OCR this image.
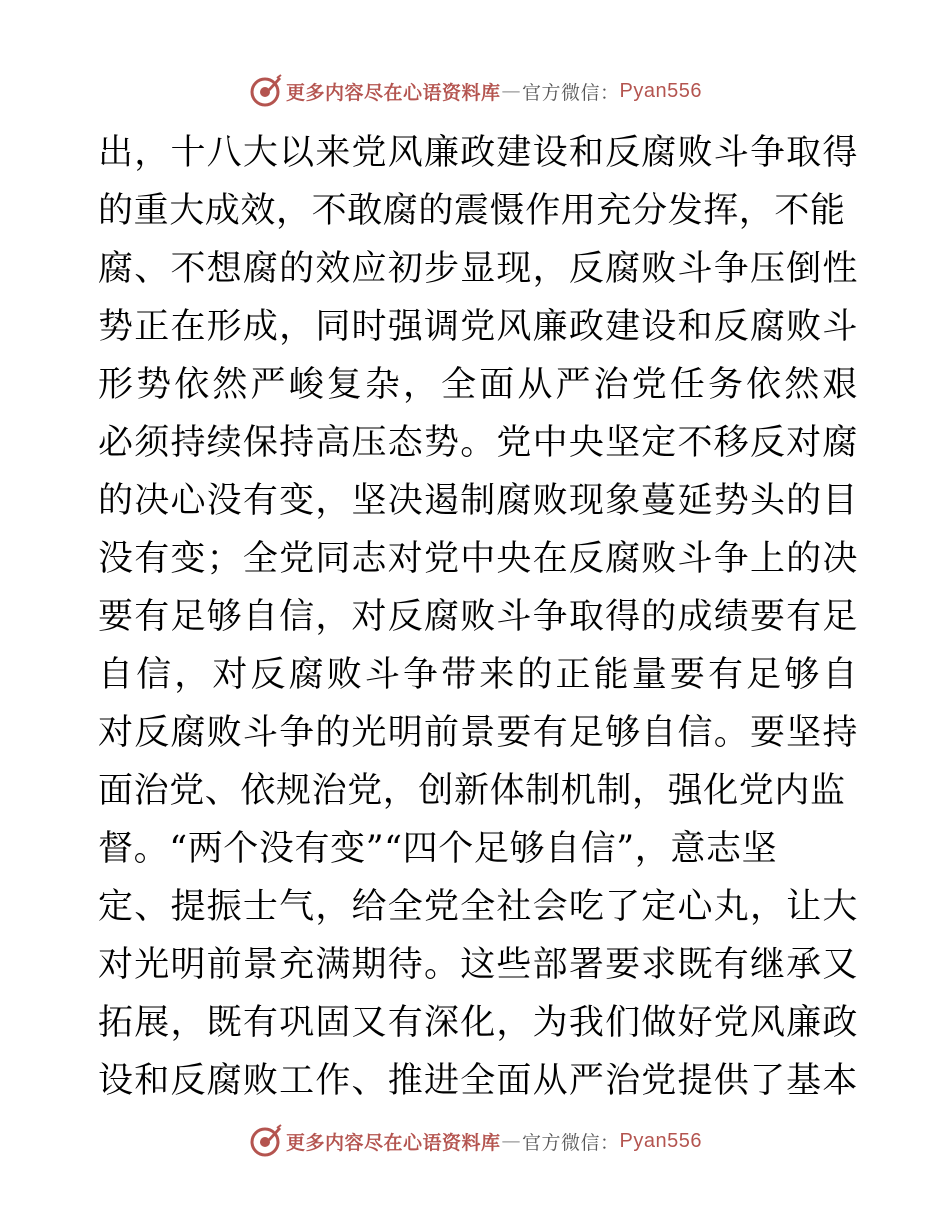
更多内容尽在心语资料库 — 官方微信： Pyan556
出，十八大以来党风廉政建设和反腐败斗争取得
的重大成效，不敢腐的震慑作用充分发挥，不能
腐、不想腐的效应初步显现，反腐败斗争压倒性
势正在形成，同时强调党风廉政建设和反腐败斗
形势依然严峻复杂，全面从严治党任务依然艰
必须持续保持高压态势。党中央坚定不移反对腐
的决心没有变，坚决遏制腐败现象蔓延势头的目
没有变；全党同志对党中央在反腐败斗争上的决
要有足够自信，对反腐败斗争取得的成绩要有足
自信，对反腐败斗争带来的正能量要有足够自
对反腐败斗争的光明前景要有足够自信。要坚持
面治党、依规治党，创新体制机制，强化党内监
督。“两个没有变”“四个足够自信”，意志坚
定、提振士气，给全党全社会吃了定心丸，让大
对光明前景充满期待。这些部署要求既有继承又
拓展，既有巩固又有深化，为我们做好党风廉政
设和反腐败工作、推进全面从严治党提供了基本
更多内容尽在心语资料库 — 官方微信： Pyan556
